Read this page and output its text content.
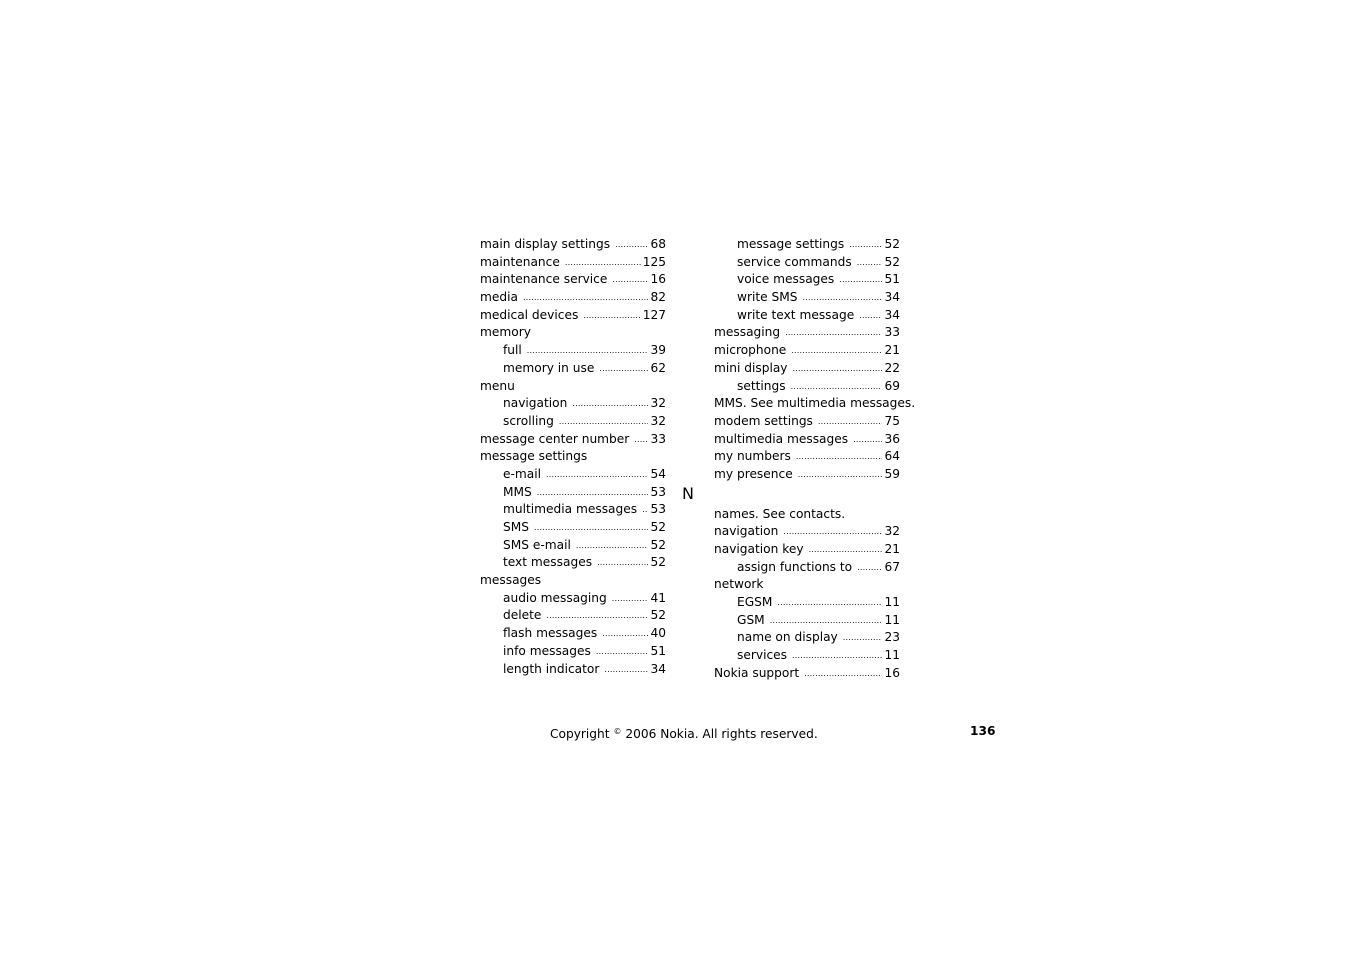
main display settings .....	68
maintenance .....	125
maintenance service .....	16
media .....	82
medical devices .....	127
memory
full .....	39
memory in use .....	62
menu
navigation .....	32
scrolling .....	32
message center number ..... 33
message settings
e-mail .....	54
MMS .....	53
multimedia messages ..... 53
SMS .....	52
SMS e-mail .....	52
text messages .....	52
messages
audio messaging .....	41
delete .....	52
flash messages .....	40
info messages .....	51
length indicator .....	34
message settings .....	52
service commands .....	52
voice messages .....	51
write SMS .....	34
write text message ..... 34
messaging .....	33
microphone .....	21
mini display .....	22
settings .....	69
MMS. See multimedia messages.
modem settings .....	75
multimedia messages .....	36
my numbers .....	64
my presence .....	59
names. See contacts.
navigation .....	32
navigation key .....	21
assign functions to .....	67
network
EGSM .....	11
GSM .....	11
name on display .....	23
services .....	11
Nokia support .....	16
N
Copyright © 2006 Nokia. All rights reserved.	136
